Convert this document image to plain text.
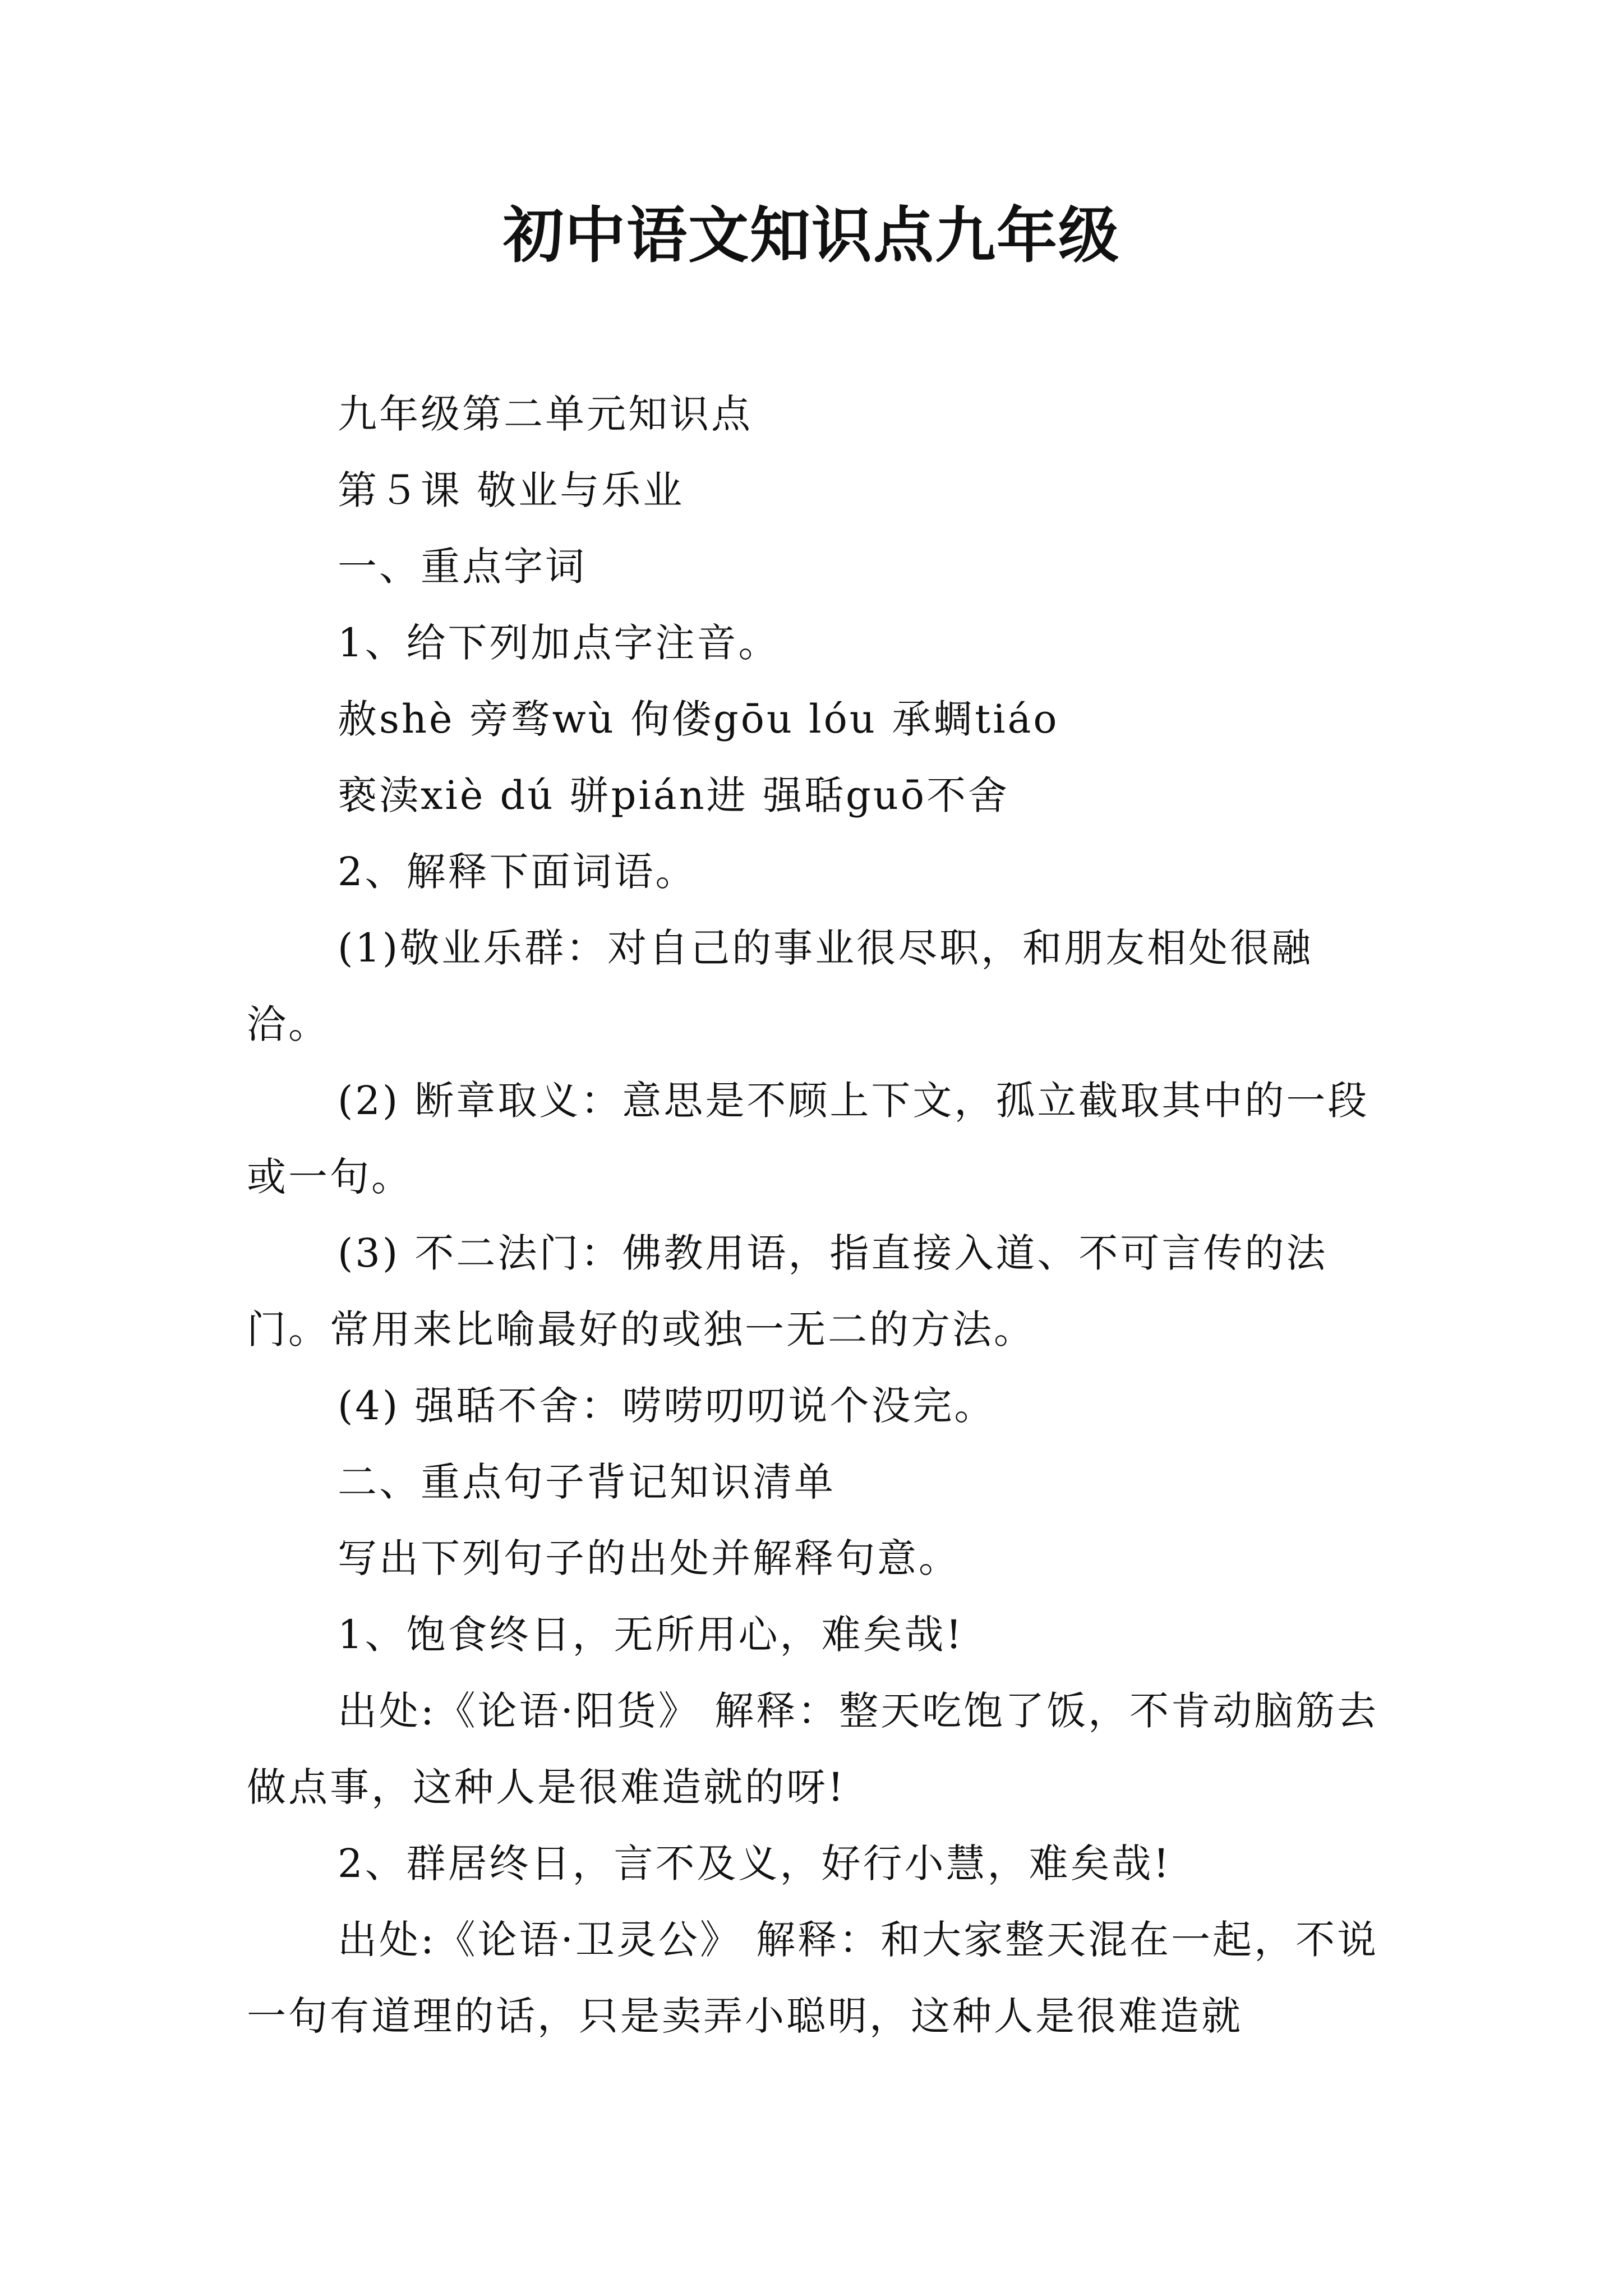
初中语文知识点九年级

九年级第二单元知识点

第５课 敬业与乐业

一、重点字词

1、给下列加点字注音。

赦shè 旁骛wù 佝偻gōu lóu 承蜩tiáo

亵渎xiè dú 骈pián进 强聒guō不舍

2、解释下面词语。

(1)敬业乐群：对自己的事业很尽职，和朋友相处很融洽。

(2) 断章取义：意思是不顾上下文，孤立截取其中的一段或一句。

(3) 不二法门：佛教用语，指直接入道、不可言传的法门。常用来比喻最好的或独一无二的方法。

(4) 强聒不舍：唠唠叨叨说个没完。

二、重点句子背记知识清单

写出下列句子的出处并解释句意。

1、饱食终日，无所用心，难矣哉!

出处:《论语·阳货》 解释：整天吃饱了饭，不肯动脑筋去做点事，这种人是很难造就的呀!

2、群居终日，言不及义，好行小慧，难矣哉!

出处:《论语·卫灵公》 解释：和大家整天混在一起，不说一句有道理的话，只是卖弄小聪明，这种人是很难造就
